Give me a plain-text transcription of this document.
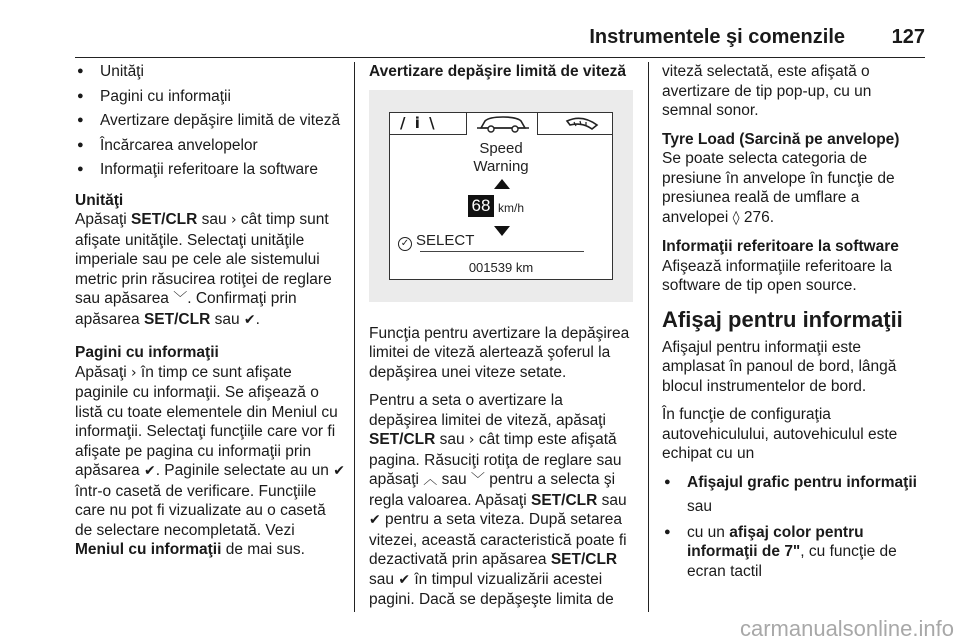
Instrumentele şi comenzile 127
● Unităţi
● Pagini cu informaţii
● Avertizare depăşire limită de viteză
● Încărcarea anvelopelor
● Informaţii referitoare la software
Unităţi

Apăsaţi SET/CLR sau › cât timp sunt afişate unităţile. Selectaţi unităţile imperiale sau pe cele ale sistemului metric prin răsucirea rotiţei de reglare sau apăsarea ﹀. Confirmaţi prin apăsarea SET/CLR sau ✔.

Pagini cu informaţii

Apăsaţi › în timp ce sunt afişate paginile cu informaţii. Se afişează o listă cu toate elementele din Meniul cu informaţii. Selectaţi funcţiile care vor fi afişate pe pagina cu informaţii prin apăsarea ✔. Paginile selectate au un ✔ într-o casetă de verificare. Funcţiile care nu pot fi vizualizate au o casetă de selectare necompletată. Vezi Meniul cu informaţii de mai sus.

Avertizare depăşire limită de viteză
/ i \
Speed
Warning
68 km/h
✓ SELECT
001539 km

Funcţia pentru avertizare la depăşirea limitei de viteză alertează şoferul la depăşirea unei viteze setate.

Pentru a seta o avertizare la depăşirea limitei de viteză, apăsaţi SET/CLR sau › cât timp este afişată pagina. Răsuciţi rotiţa de reglare sau apăsaţi ︿ sau ﹀ pentru a selecta şi regla valoarea. Apăsaţi SET/CLR sau ✔ pentru a seta viteza. După setarea vitezei, această caracteristică poate fi dezactivată prin apăsarea SET/CLR sau ✔ în timpul vizualizării acestei pagini. Dacă se depăşeşte limita de

viteză selectată, este afişată o avertizare de tip pop-up, cu un semnal sonor.

Tyre Load (Sarcină pe anvelope)

Se poate selecta categoria de presiune în anvelope în funcţie de presiunea reală de umflare a anvelopei ◊ 276.

Informaţii referitoare la software

Afişează informaţiile referitoare la software de tip open source.

Afişaj pentru informaţii

Afişajul pentru informaţii este amplasat în panoul de bord, lângă blocul instrumentelor de bord.

În funcţie de configuraţia autovehiculului, autovehiculul este echipat cu un

● Afişajul grafic pentru informaţii
sau
● cu un afişaj color pentru informaţii de 7", cu funcţie de ecran tactil
carmanualsonline.info
